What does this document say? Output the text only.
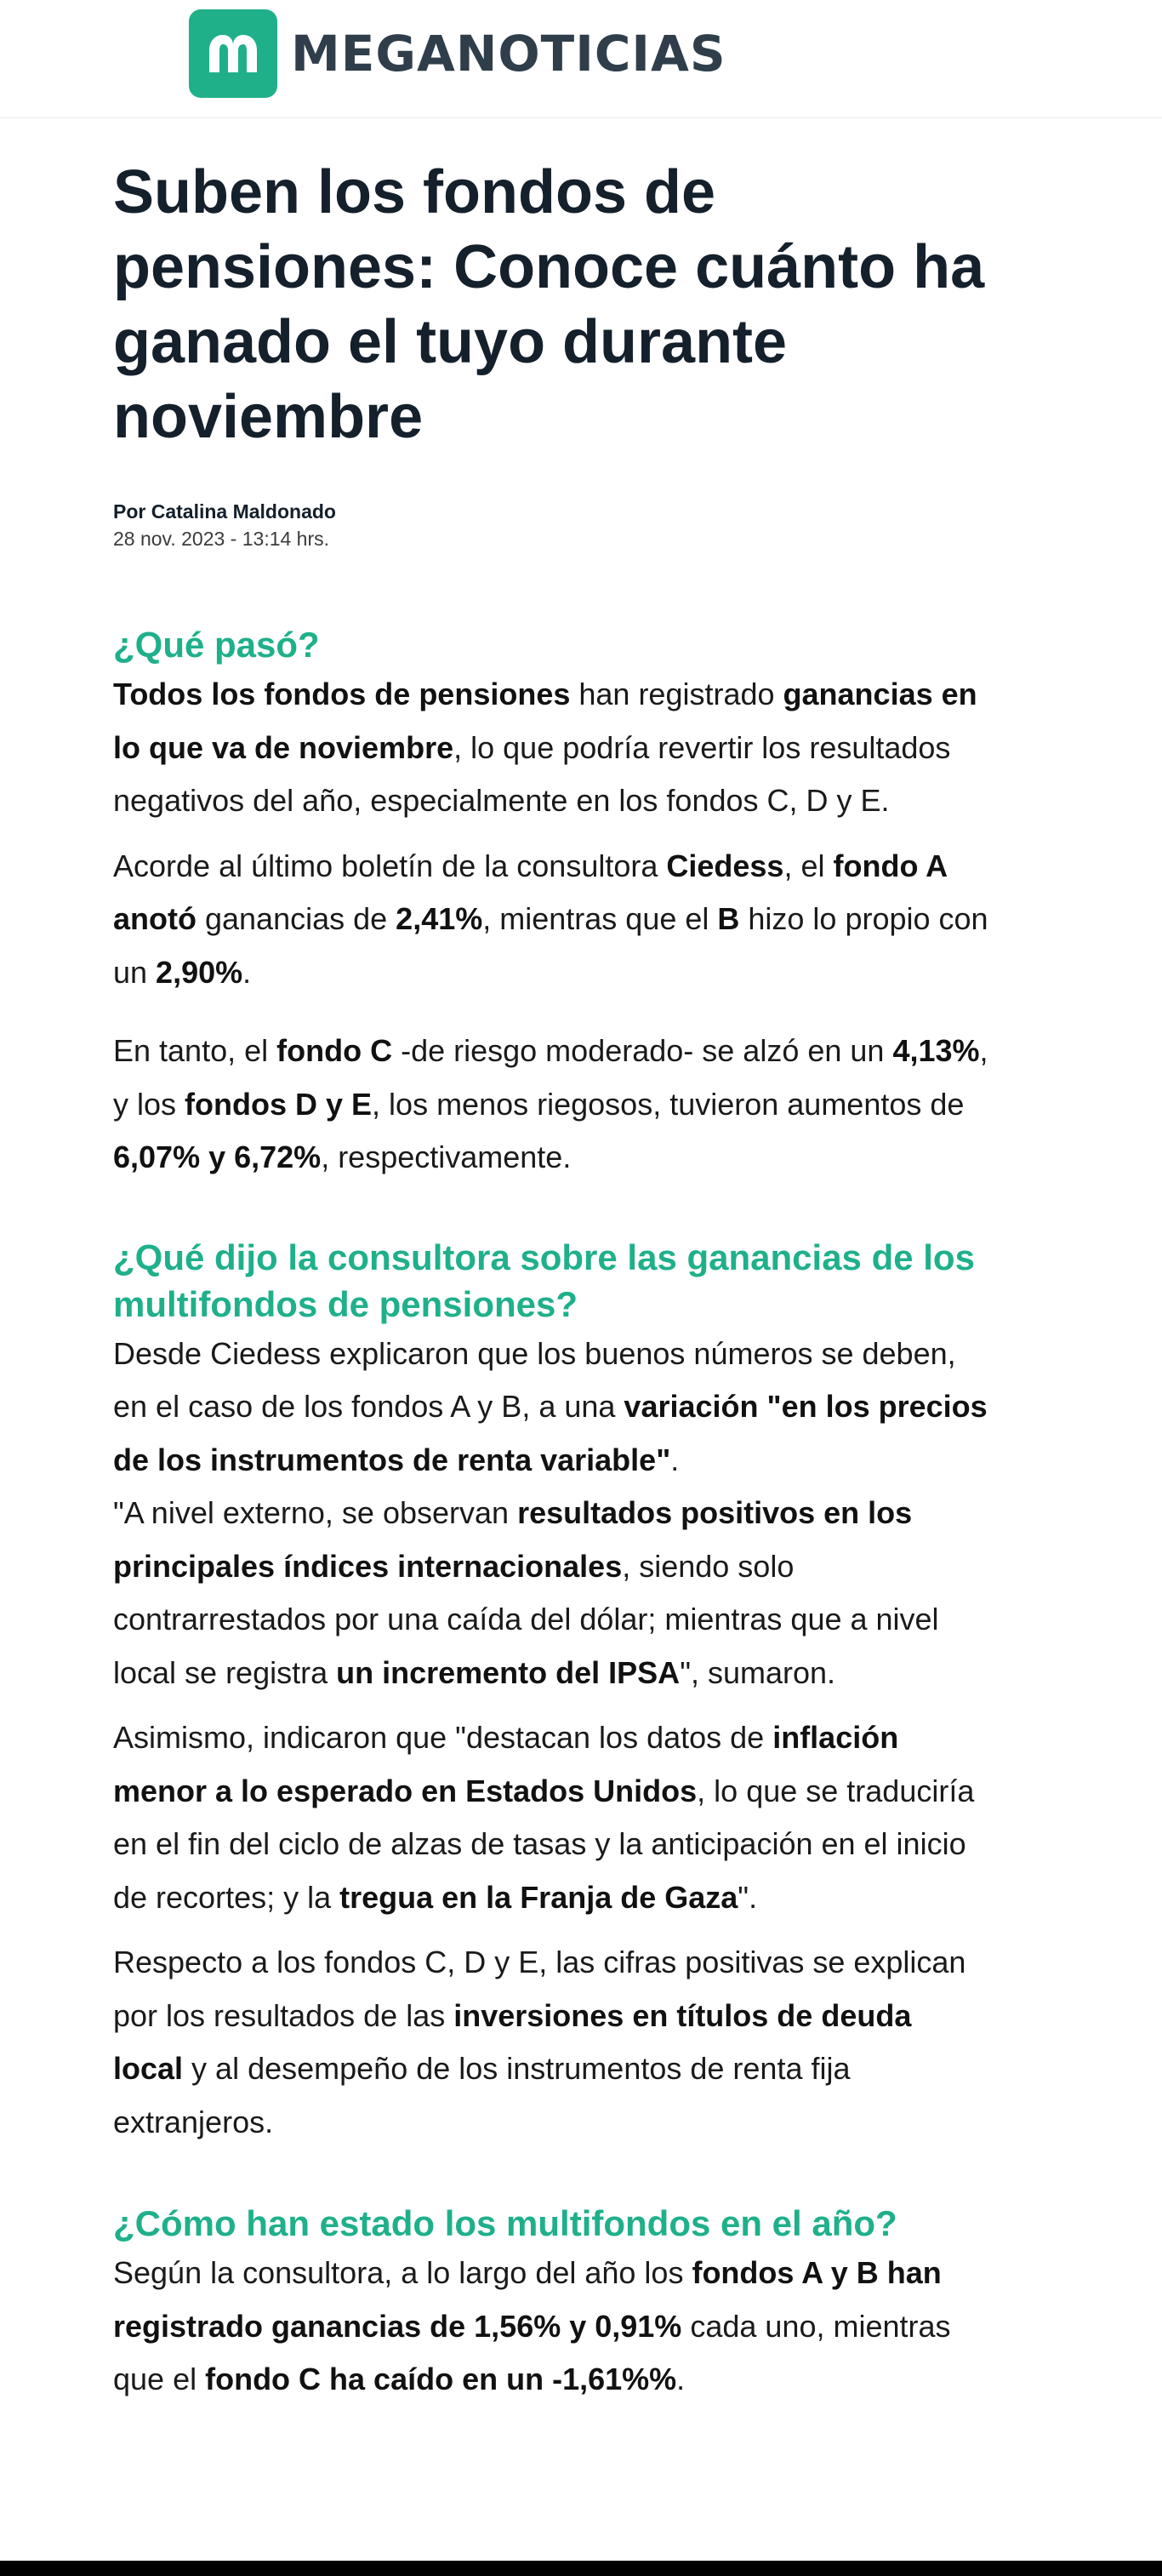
MEGANOTICIAS
Suben los fondos de pensiones: Conoce cuánto ha ganado el tuyo durante noviembre
Por Catalina Maldonado
28 nov. 2023 - 13:14 hrs.
¿Qué pasó?

Todos los fondos de pensiones han registrado ganancias en lo que va de noviembre, lo que podría revertir los resultados negativos del año, especialmente en los fondos C, D y E.

Acorde al último boletín de la consultora Ciedess, el fondo A anotó ganancias de 2,41%, mientras que el B hizo lo propio con un 2,90%.

En tanto, el fondo C -de riesgo moderado- se alzó en un 4,13%, y los fondos D y E, los menos riegosos, tuvieron aumentos de 6,07% y 6,72%, respectivamente.

¿Qué dijo la consultora sobre las ganancias de los multifondos de pensiones?

Desde Ciedess explicaron que los buenos números se deben, en el caso de los fondos A y B, a una variación "en los precios de los instrumentos de renta variable".

"A nivel externo, se observan resultados positivos en los principales índices internacionales, siendo solo contrarrestados por una caída del dólar; mientras que a nivel local se registra un incremento del IPSA", sumaron.

Asimismo, indicaron que "destacan los datos de inflación menor a lo esperado en Estados Unidos, lo que se traduciría en el fin del ciclo de alzas de tasas y la anticipación en el inicio de recortes; y la tregua en la Franja de Gaza".

Respecto a los fondos C, D y E, las cifras positivas se explican por los resultados de las inversiones en títulos de deuda local y al desempeño de los instrumentos de renta fija extranjeros.

¿Cómo han estado los multifondos en el año?

Según la consultora, a lo largo del año los fondos A y B han registrado ganancias de 1,56% y 0,91% cada uno, mientras que el fondo C ha caído en un -1,61%%.
